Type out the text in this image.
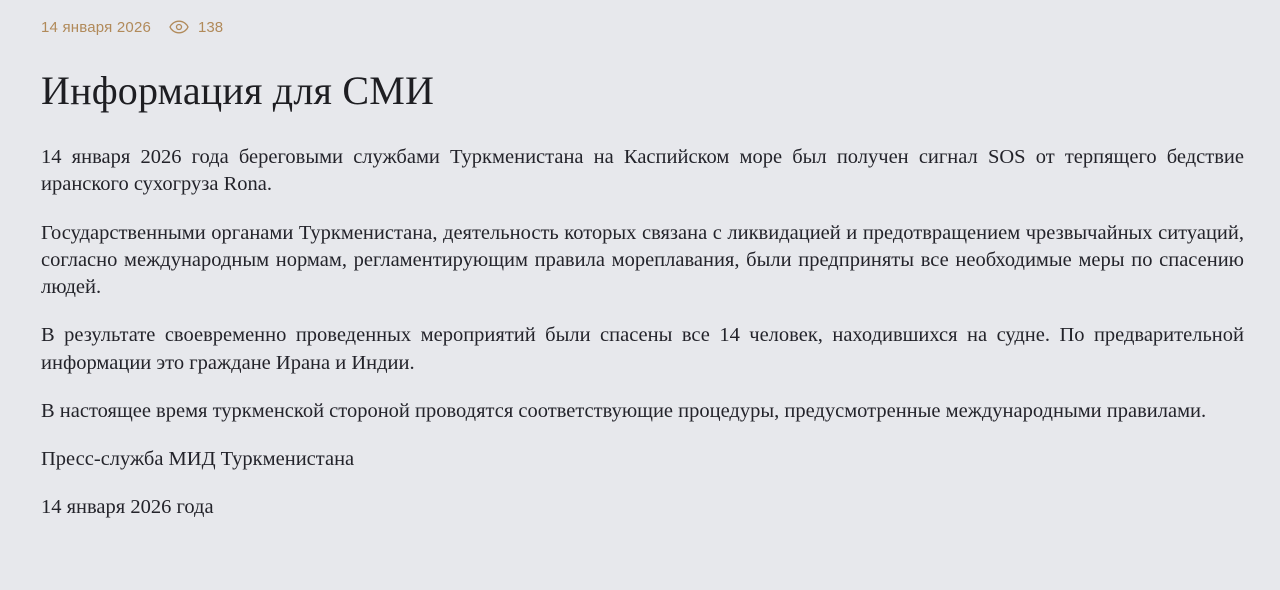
14 января 2026	138
Информация для СМИ

14 января 2026 года береговыми службами Туркменистана на Каспийском море был получен сигнал SOS от терпящего бедствие иранского сухогруза Rona.

Государственными органами Туркменистана, деятельность которых связана с ликвидацией и предотвращением чрезвычайных ситуаций, согласно международным нормам, регламентирующим правила мореплавания, были предприняты все необходимые меры по спасению людей.

В результате своевременно проведенных мероприятий были спасены все 14 человек, находившихся на судне. По предварительной информации это граждане Ирана и Индии.

В настоящее время туркменской стороной проводятся соответствующие процедуры, предусмотренные международными правилами.

Пресс-служба МИД Туркменистана

14 января 2026 года
